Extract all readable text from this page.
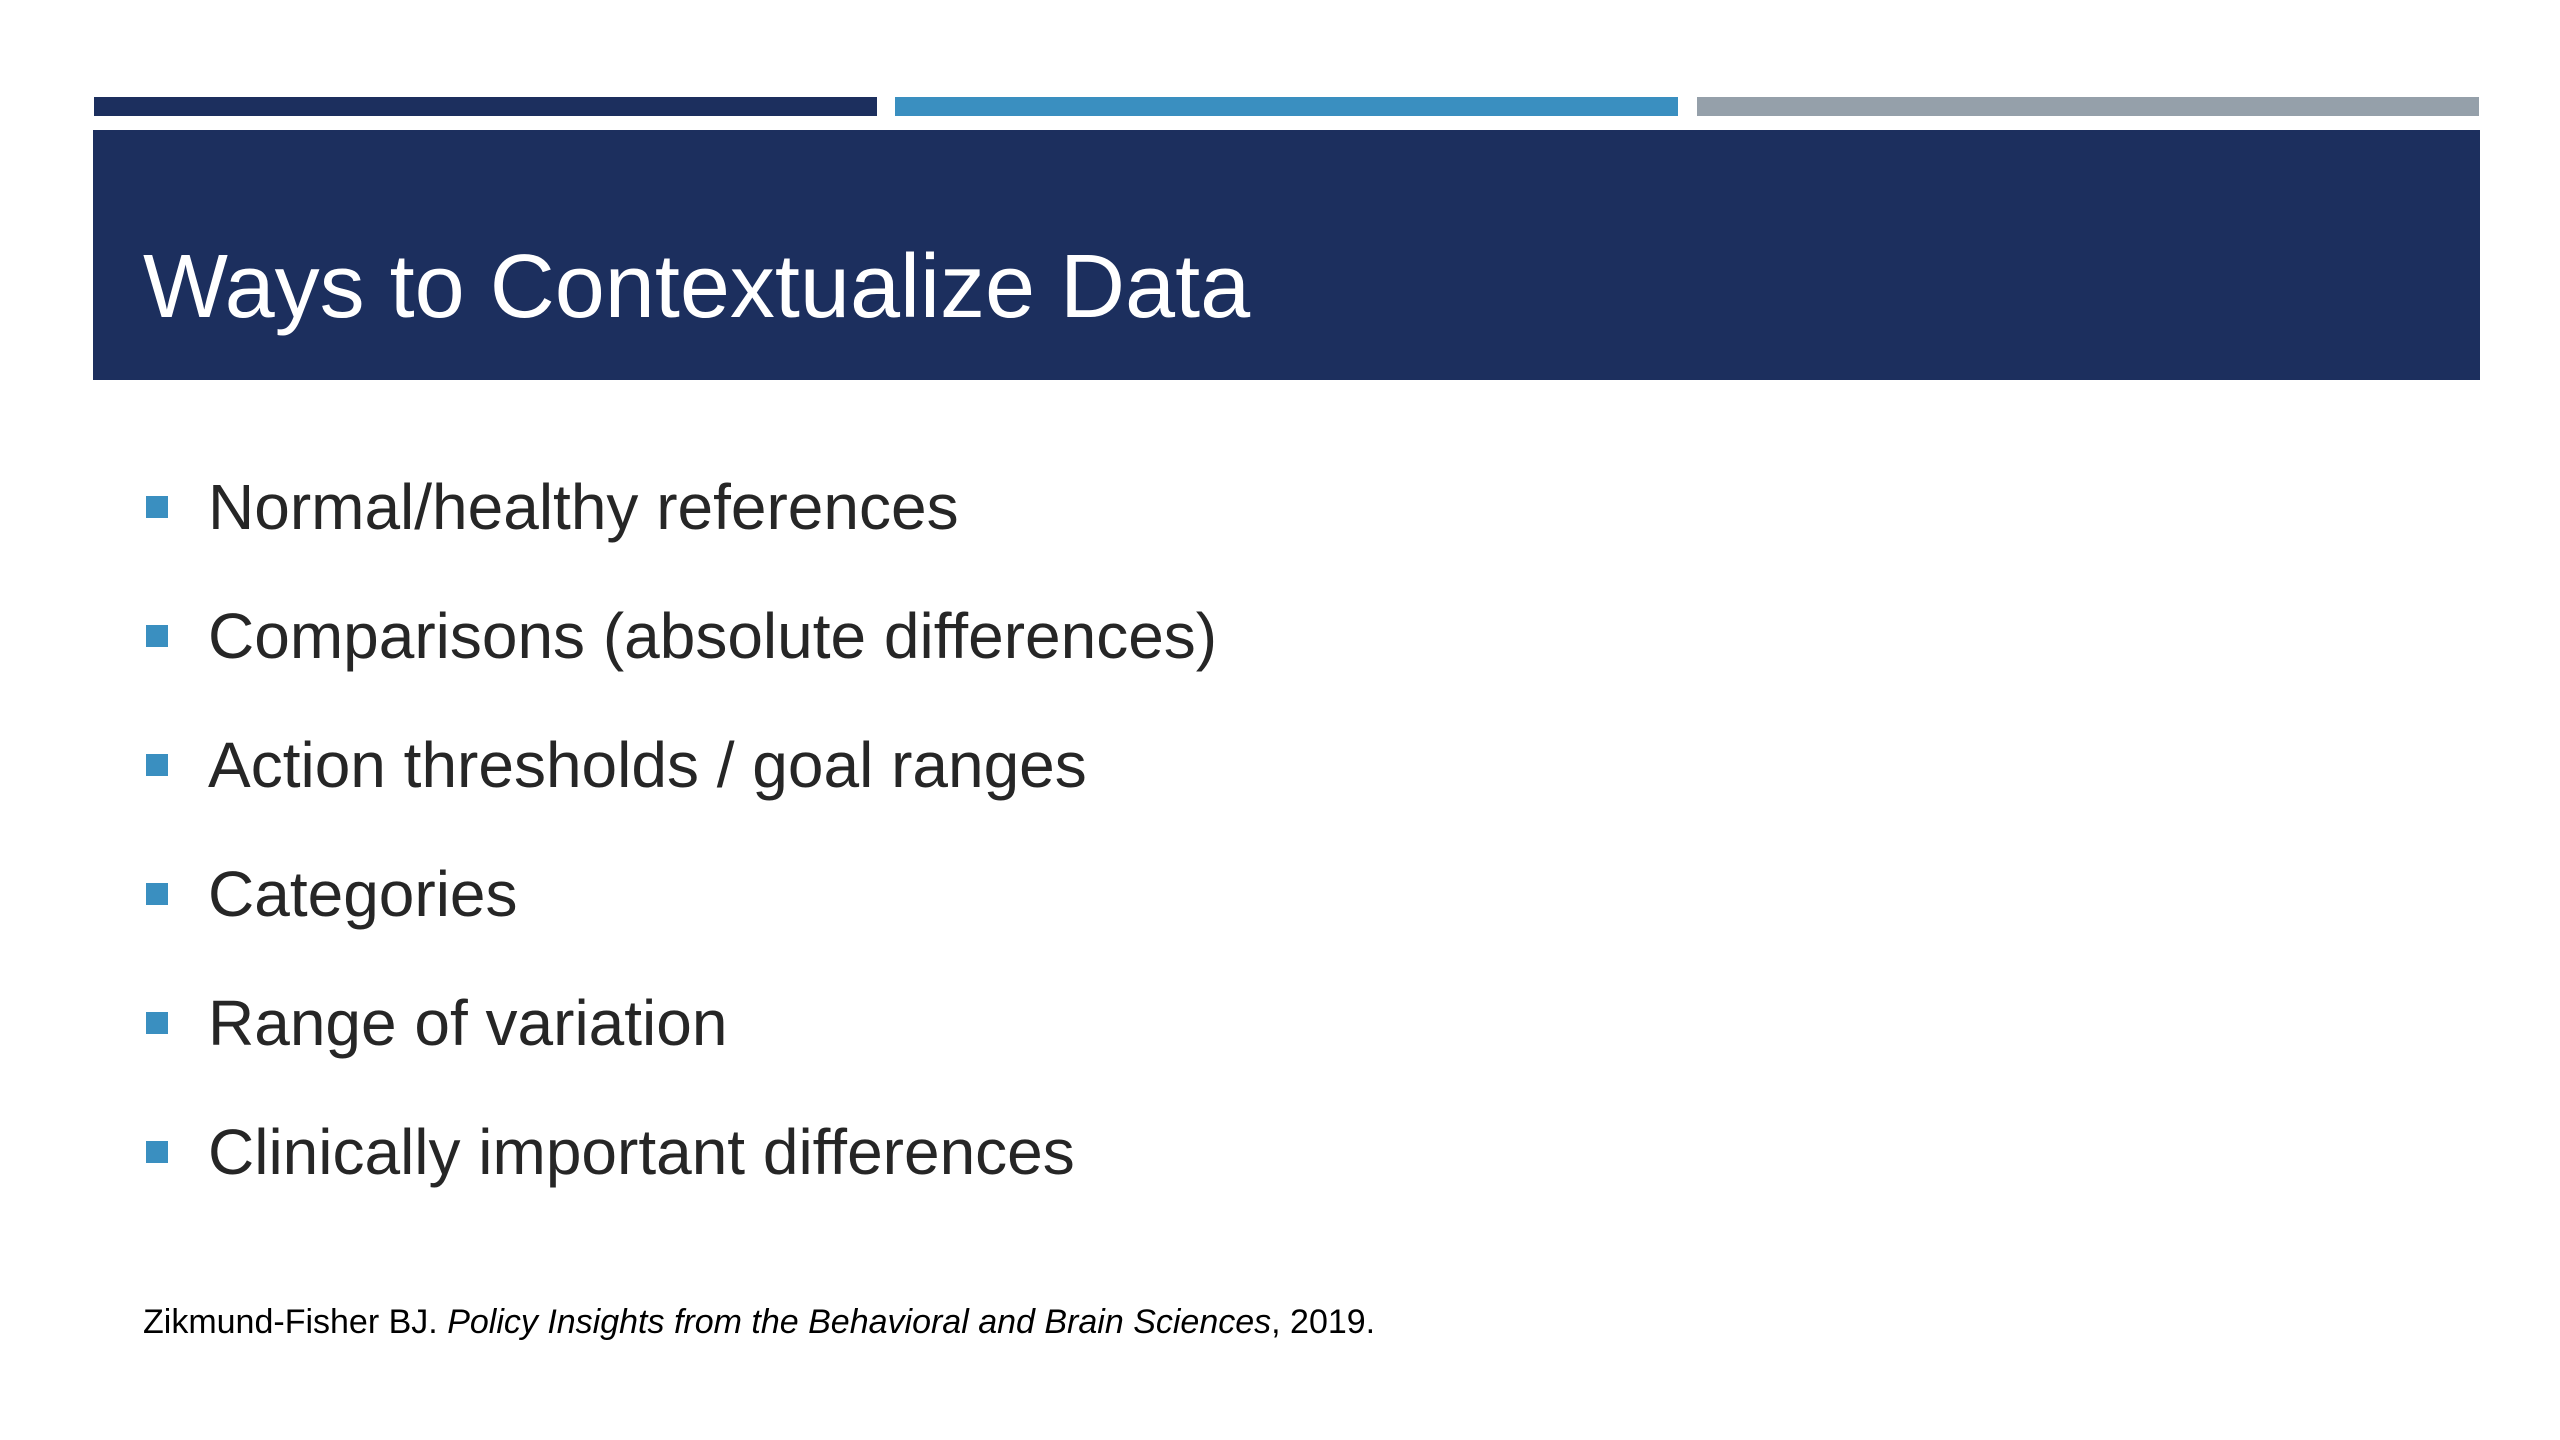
Ways to Contextualize Data
Normal/healthy references
Comparisons (absolute differences)
Action thresholds / goal ranges
Categories
Range of variation
Clinically important differences
Zikmund-Fisher BJ. Policy Insights from the Behavioral and Brain Sciences, 2019.
